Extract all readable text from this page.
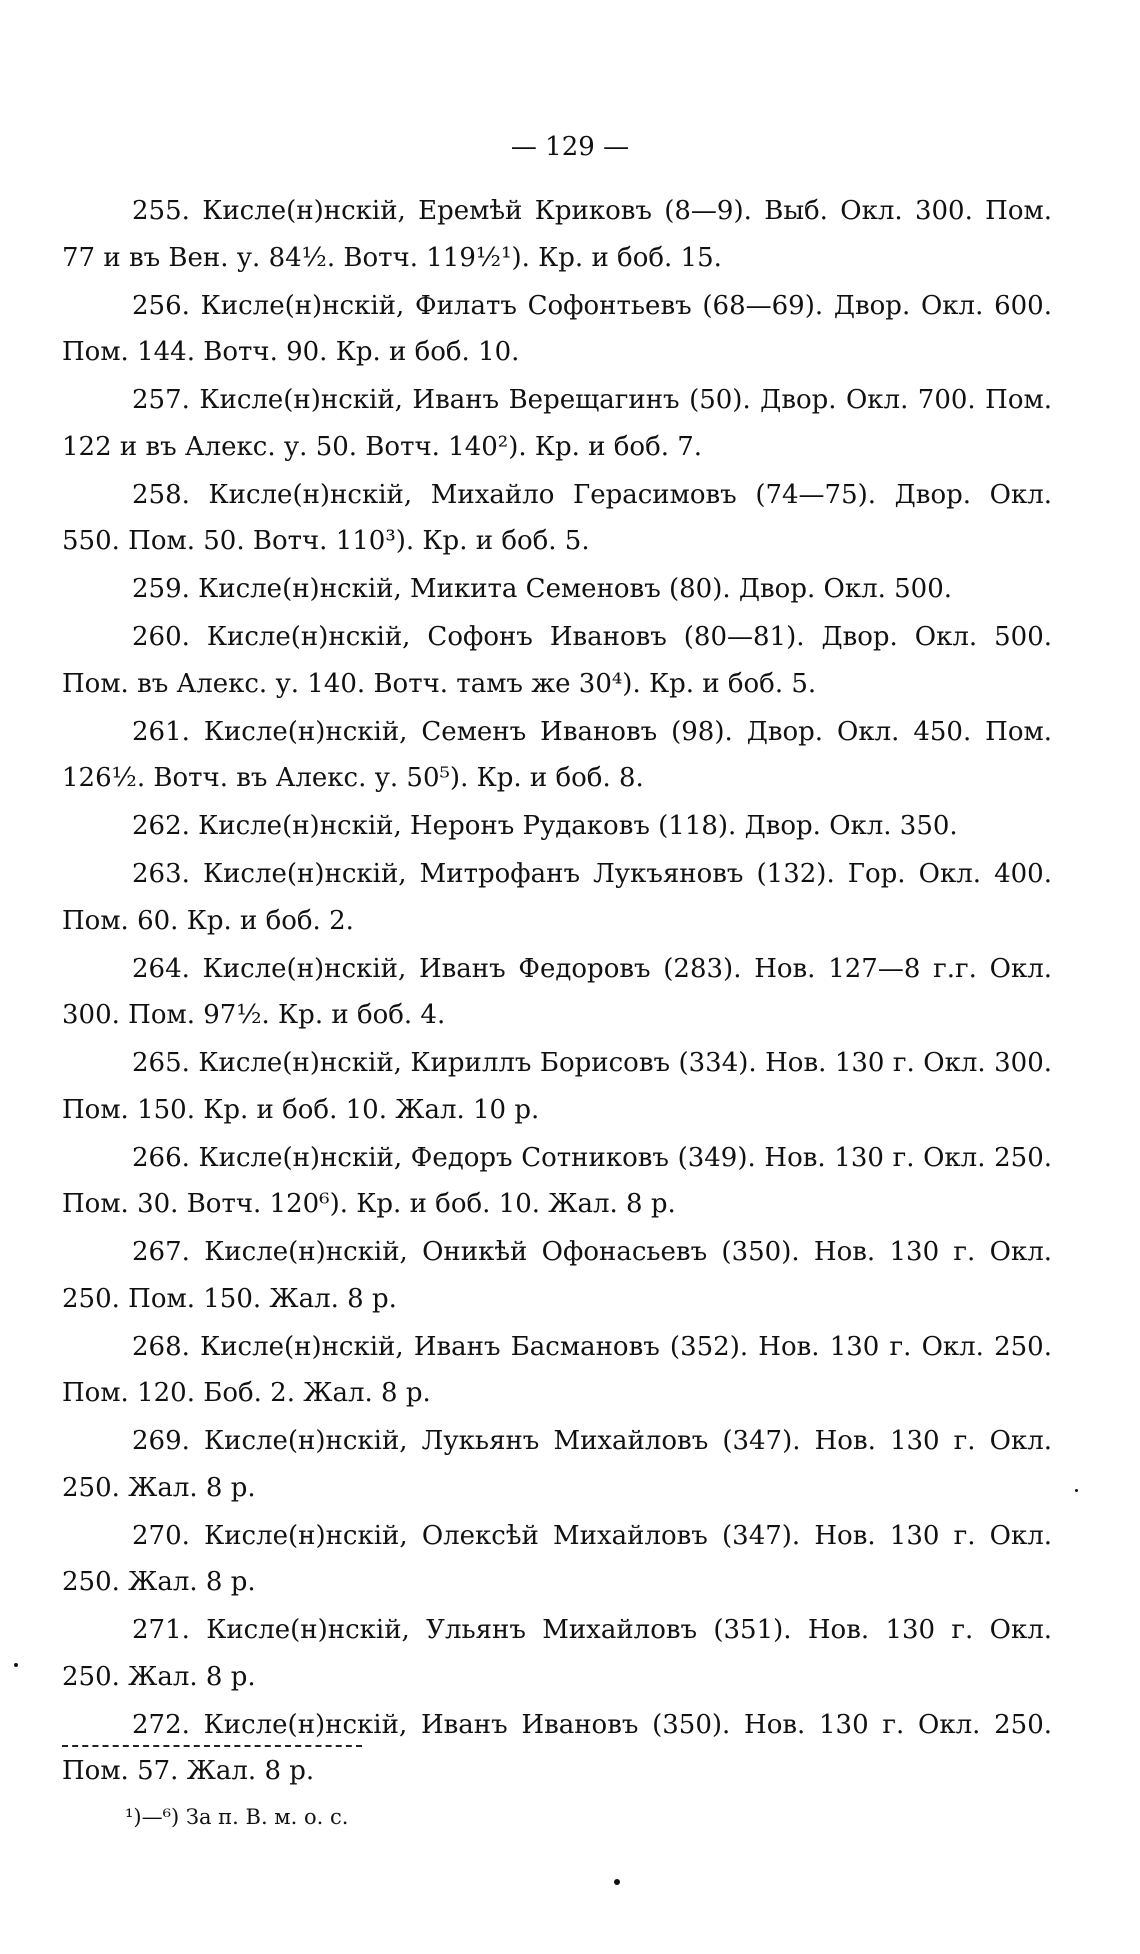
— 129 —

255. Кисле(н)нскій, Еремѣй Криковъ (8—9). Выб. Окл. 300. Пом. 77 и въ Вен. у. 84½. Вотч. 119½¹). Кр. и боб. 15.

256. Кисле(н)нскій, Филатъ Софонтьевъ (68—69). Двор. Окл. 600. Пом. 144. Вотч. 90. Кр. и боб. 10.

257. Кисле(н)нскій, Иванъ Верещагинъ (50). Двор. Окл. 700. Пом. 122 и въ Алекс. у. 50. Вотч. 140²). Кр. и боб. 7.

258. Кисле(н)нскій, Михайло Герасимовъ (74—75). Двор. Окл. 550. Пом. 50. Вотч. 110³). Кр. и боб. 5.

259. Кисле(н)нскій, Микита Семеновъ (80). Двор. Окл. 500.

260. Кисле(н)нскій, Софонъ Ивановъ (80—81). Двор. Окл. 500. Пом. въ Алекс. у. 140. Вотч. тамъ же 30⁴). Кр. и боб. 5.

261. Кисле(н)нскій, Семенъ Ивановъ (98). Двор. Окл. 450. Пом. 126½. Вотч. въ Алекс. у. 50⁵). Кр. и боб. 8.

262. Кисле(н)нскій, Неронъ Рудаковъ (118). Двор. Окл. 350.

263. Кисле(н)нскій, Митрофанъ Лукъяновъ (132). Гор. Окл. 400. Пом. 60. Кр. и боб. 2.

264. Кисле(н)нскій, Иванъ Федоровъ (283). Нов. 127—8 г.г. Окл. 300. Пом. 97½. Кр. и боб. 4.

265. Кисле(н)нскій, Кириллъ Борисовъ (334). Нов. 130 г. Окл. 300. Пом. 150. Кр. и боб. 10. Жал. 10 р.

266. Кисле(н)нскій, Федоръ Сотниковъ (349). Нов. 130 г. Окл. 250. Пом. 30. Вотч. 120⁶). Кр. и боб. 10. Жал. 8 р.

267. Кисле(н)нскій, Оникѣй Офонасьевъ (350). Нов. 130 г. Окл. 250. Пом. 150. Жал. 8 р.

268. Кисле(н)нскій, Иванъ Басмановъ (352). Нов. 130 г. Окл. 250. Пом. 120. Боб. 2. Жал. 8 р.

269. Кисле(н)нскій, Лукьянъ Михайловъ (347). Нов. 130 г. Окл. 250. Жал. 8 р.

270. Кисле(н)нскій, Олексѣй Михайловъ (347). Нов. 130 г. Окл. 250. Жал. 8 р.

271. Кисле(н)нскій, Ульянъ Михайловъ (351). Нов. 130 г. Окл. 250. Жал. 8 р.

272. Кисле(н)нскій, Иванъ Ивановъ (350). Нов. 130 г. Окл. 250. Пом. 57. Жал. 8 р.

¹)—⁶) За п. В. м. о. с.
